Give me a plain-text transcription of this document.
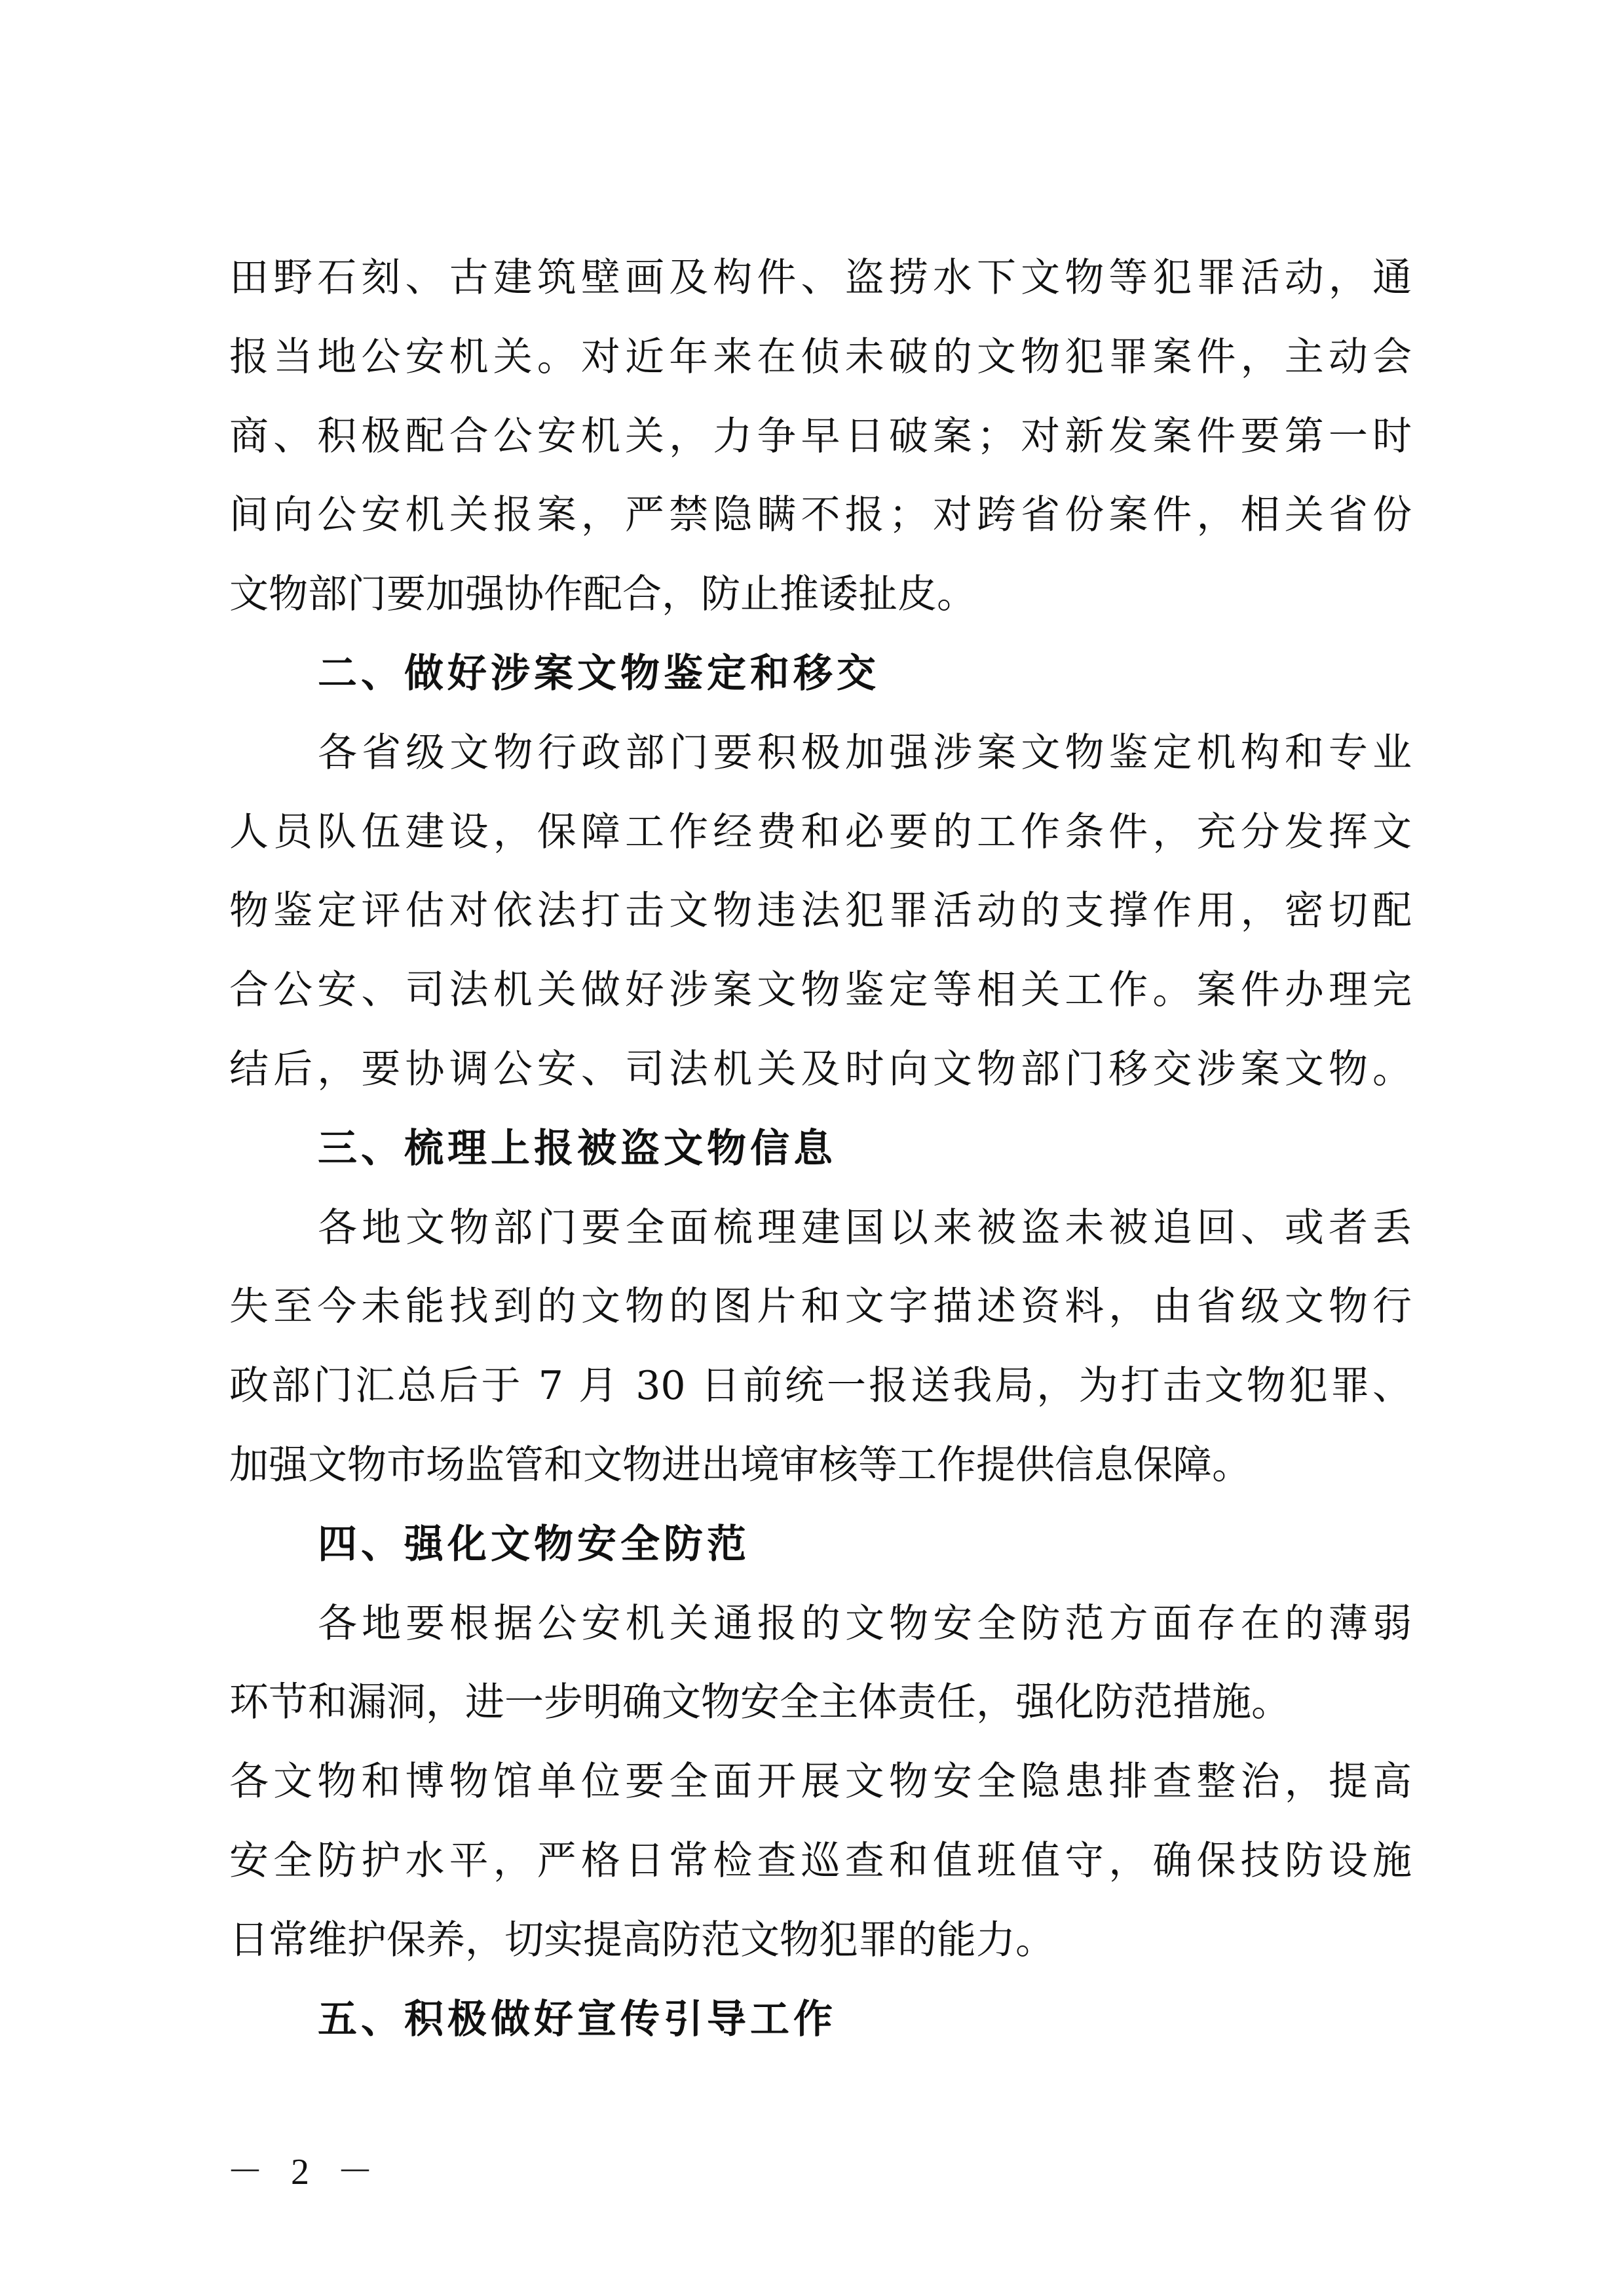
田野石刻、古建筑壁画及构件、盗捞水下文物等犯罪活动，通
报当地公安机关。对近年来在侦未破的文物犯罪案件，主动会
商、积极配合公安机关，力争早日破案；对新发案件要第一时
间向公安机关报案，严禁隐瞒不报；对跨省份案件，相关省份
文物部门要加强协作配合，防止推诿扯皮。
二、做好涉案文物鉴定和移交
各省级文物行政部门要积极加强涉案文物鉴定机构和专业
人员队伍建设，保障工作经费和必要的工作条件，充分发挥文
物鉴定评估对依法打击文物违法犯罪活动的支撑作用，密切配
合公安、司法机关做好涉案文物鉴定等相关工作。案件办理完
结后，要协调公安、司法机关及时向文物部门移交涉案文物。
三、梳理上报被盗文物信息
各地文物部门要全面梳理建国以来被盗未被追回、或者丢
失至今未能找到的文物的图片和文字描述资料，由省级文物行
政部门汇总后于 7 月 30 日前统一报送我局，为打击文物犯罪、
加强文物市场监管和文物进出境审核等工作提供信息保障。
四、强化文物安全防范
各地要根据公安机关通报的文物安全防范方面存在的薄弱
环节和漏洞，进一步明确文物安全主体责任，强化防范措施。
各文物和博物馆单位要全面开展文物安全隐患排查整治，提高
安全防护水平，严格日常检查巡查和值班值守，确保技防设施
日常维护保养，切实提高防范文物犯罪的能力。
五、积极做好宣传引导工作
－ 2 －
